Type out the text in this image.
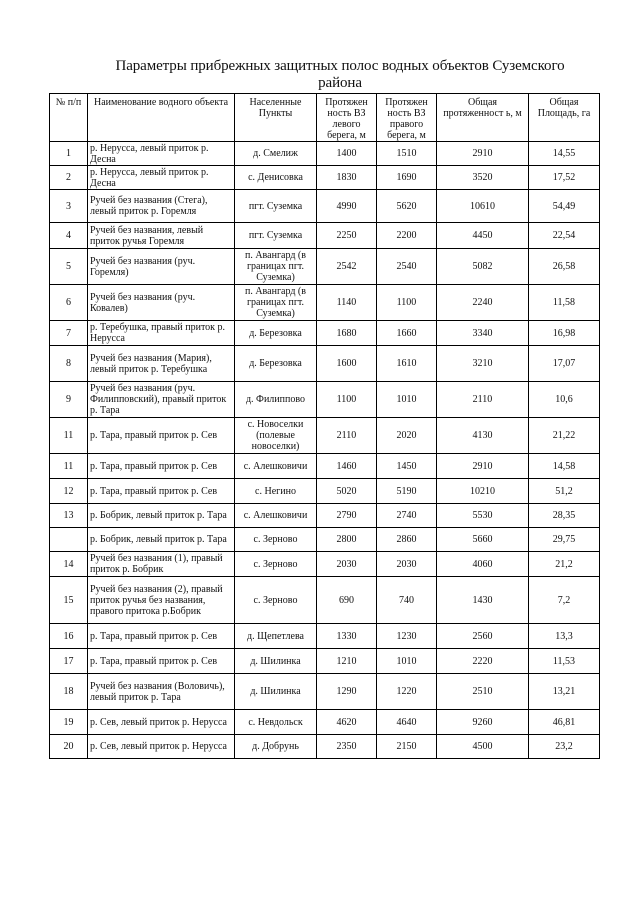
Параметры прибрежных защитных полос водных объектов Суземского
района
№ п/п	Наименование водного объекта	Населенные Пункты	Протяжен ность ВЗ левого берега, м	Протяжен ность ВЗ правого берега, м	Общая протяженност ь, м	Общая Площадь, га
1	р. Нерусса, левый приток р. Десна	д. Смелиж	1400	1510	2910	14,55
2	р. Нерусса, левый приток р. Десна	с. Денисовка	1830	1690	3520	17,52
3	Ручей без названия (Стега), левый приток р. Горемля	пгт. Суземка	4990	5620	10610	54,49
4	Ручей без названия, левый приток ручья Горемля	пгт. Суземка	2250	2200	4450	22,54
5	Ручей без названия (руч. Горемля)	п. Авангард (в границах пгт. Суземка)	2542	2540	5082	26,58
6	Ручей без названия (руч. Ковалев)	п. Авангард (в границах пгт. Суземка)	1140	1100	2240	11,58
7	р. Теребушка, правый приток р. Нерусса	д. Березовка	1680	1660	3340	16,98
8	Ручей без названия (Мария), левый приток р. Теребушка	д. Березовка	1600	1610	3210	17,07
9	Ручей без названия (руч. Филипповский), правый приток р. Тара	д. Филиппово	1100	1010	2110	10,6
11	р. Тара, правый приток р. Сев	с. Новоселки (полевые новоселки)	2110	2020	4130	21,22
11	р. Тара, правый приток р. Сев	с. Алешковичи	1460	1450	2910	14,58
12	р. Тара, правый приток р. Сев	с. Негино	5020	5190	10210	51,2
13	р. Бобрик, левый приток р. Тара	с. Алешковичи	2790	2740	5530	28,35
	р. Бобрик, левый приток р. Тара	с. Зерново	2800	2860	5660	29,75
14	Ручей без названия (1), правый приток р. Бобрик	с. Зерново	2030	2030	4060	21,2
15	Ручей без названия (2), правый приток ручья без названия, правого притока р.Бобрик	с. Зерново	690	740	1430	7,2
16	р. Тара, правый приток р. Сев	д. Щепетлева	1330	1230	2560	13,3
17	р. Тара, правый приток р. Сев	д. Шилинка	1210	1010	2220	11,53
18	Ручей без названия (Воловичь), левый приток р. Тара	д. Шилинка	1290	1220	2510	13,21
19	р. Сев, левый приток р. Нерусса	с. Невдольск	4620	4640	9260	46,81
20	р. Сев, левый приток р. Нерусса	д. Добрунь	2350	2150	4500	23,2
